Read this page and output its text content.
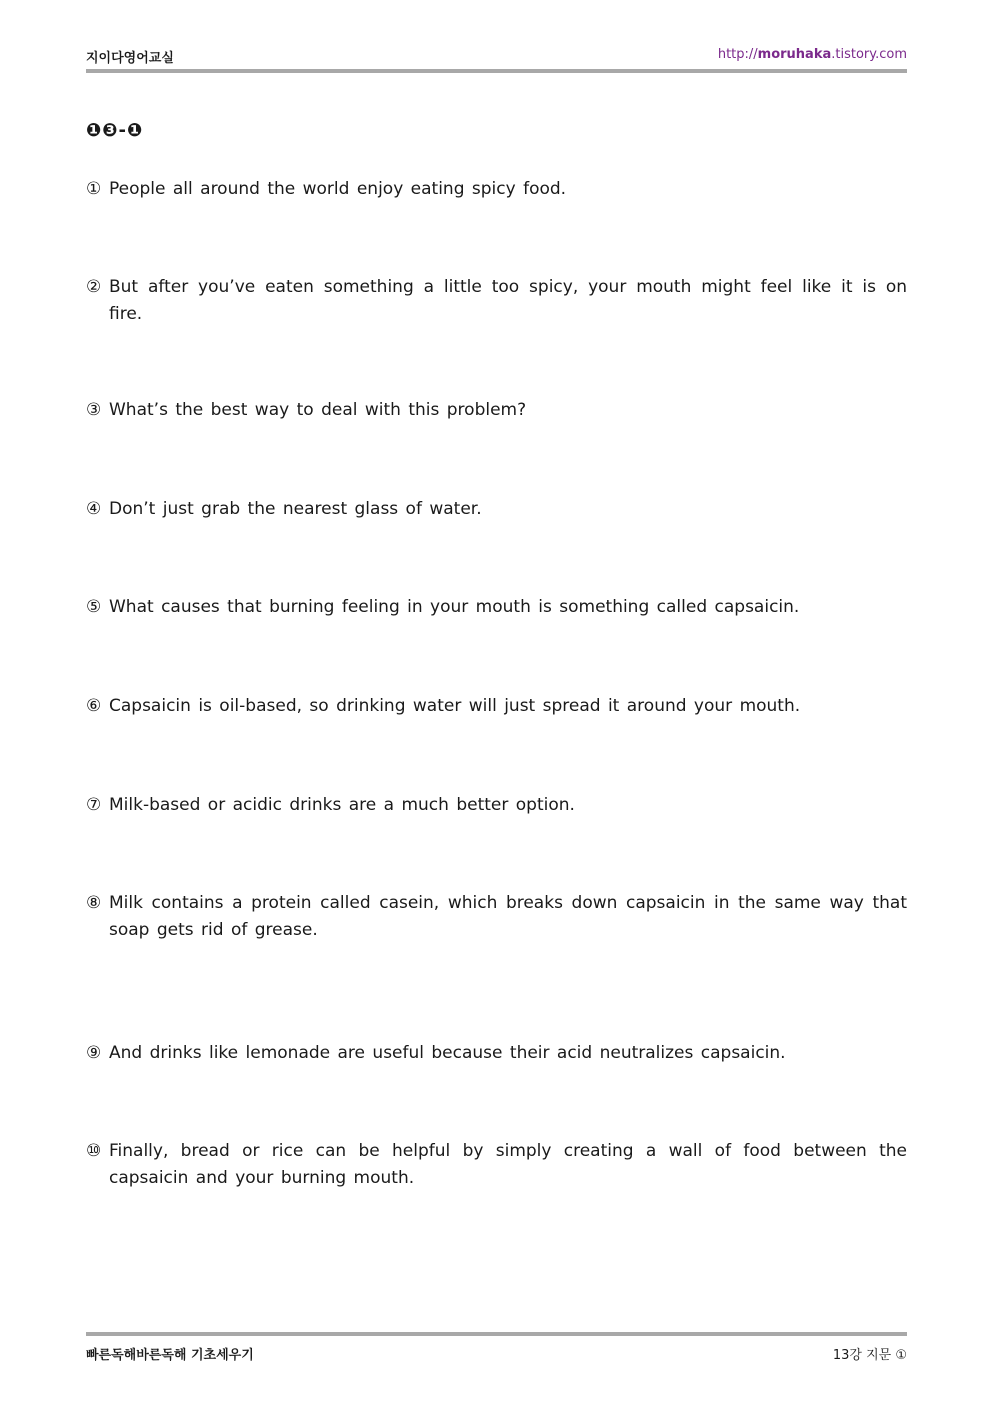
지이다영어교실	http://moruhaka.tistory.com
❶❸-❶
① People all around the world enjoy eating spicy food.
② But after you’ve eaten something a little too spicy, your mouth might feel like it is on fire.
③ What’s the best way to deal with this problem?
④ Don’t just grab the nearest glass of water.
⑤ What causes that burning feeling in your mouth is something called capsaicin.
⑥ Capsaicin is oil-based, so drinking water will just spread it around your mouth.
⑦ Milk-based or acidic drinks are a much better option.
⑧ Milk contains a protein called casein, which breaks down capsaicin in the same way that soap gets rid of grease.
⑨ And drinks like lemonade are useful because their acid neutralizes capsaicin.
⑩ Finally, bread or rice can be helpful by simply creating a wall of food between the capsaicin and your burning mouth.
빠른독해바른독해 기초세우기	13강 지문 ①
